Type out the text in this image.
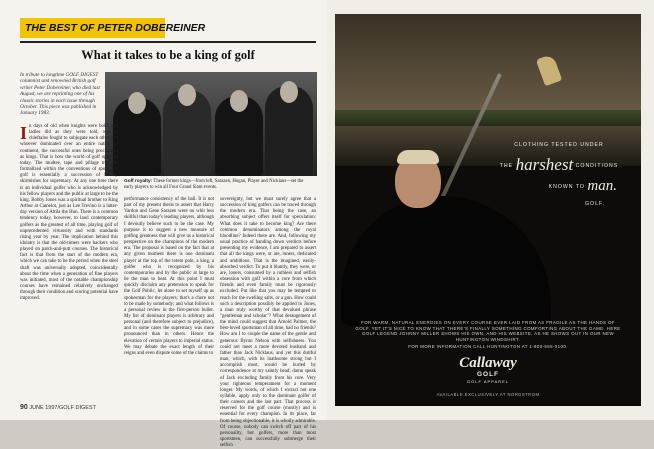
THE BEST OF PETER DOBEREINER
What it takes to be a king of golf
In tribute to longtime GOLF DIGEST columnist and renowned British golf writer Peter Dobereiner, who died last August, we are reprinting one of his classic stories in each issue through October. This piece was published in January 1983.
Golf royalty: These former kings—from left, Sarazen, Hogan, Player and Nicklaus—set the early players to win all Four Grand Slam events.
In days of old when knights were bold, and ladies did as they were told, warring chieftains fought to subjugate each other and whoever dominated over an entire nation or continent, the successful ones being proclaimed as kings. That is how the world of golf operates today. The mudtee, tape and pillage may be formalized within the conventions of sport, but golf is essentially a succession of bloody skirmishes for supremacy. At any one time there is an individual golfer who is acknowledged by his fellow players and the public at large to be the king. Bobby Jones was a spiritual brother to King Arthur at Camelot, just as Lee Trevino is a latter-day version of Attila the Hun. There is a common tendency today, however, to laud contemporary golfers as the greatest of all time, playing golf of unprecedented virtuosity and with standards rising year by year. The implication behind this idolatry is that the old-timers were hackers who played on patch-and-putt courses. The historical fact is that from the start of the modern era, which we can take to be the period when the steel shaft was universally adopted, coincidentally about the time when a generation of fine players was initiated, most of the notable championship courses have remained relatively unchanged through their condition and scoring potential have improved.
performance consistency of the ball. It is not part of my present thesis to assert that Harry Vardon and Gene Sarazen were no whit less skillful than today's leading players, although I devoutly believe such to be the case. My purpose is to suggest a new measure of golfing greatness that will give us a historical perspective on the champions of the modern era. The proposal is based on the fact that at any given moment there is one dominant player at the top of the totem pole, a king, a golfer who is recognized by his contemporaries and by the public at large to be the man to beat. At this point I must quickly disclaim any pretension to speak for the Golf Public, let alone to set myself up as spokesman for the players; that's a chore not to be made by somebody; and what follows is a personal review in the first-person bullet. My list of dominant players is arbitrary and personal (and therefore subject to prejudice), and in some cases the supremacy was more pronounced than in others. Hence the elevation of certain players to imperial status. We may debate the exact length of their reigns and even dispute some of the claims to
sovereignty, but we must surely agree that a succession of king golfers can be traced through the modern era. That being the case, an absorbing subject offers itself for speculation: What does it take to become king? Are there common denominators among the royal bloodline? Indeed there are. And, following my usual practice of handing down verdicts before presenting my evidence, I am prepared to assert that all the kings were, or are, loners, dedicated and ambitious. That is the imagined, easily-absorbed verdict. To put it bluntly, they were, or are, loners, consumed by a ruthless and selfish obsession with golf within a core from which friends and even family must be rigorously excluded. Put like that you may be tempted to reach for the swelling salts, or a gun. How could such a description possibly be applied to Jones, a man truly worthy of that devalued phrase "gentleman and scholar"? What derangement of the mind could suggest that Arnold Palmer, the best-loved sportsman of all time, had no friends? How am I to couple the name of the gentle and generous Byron Nelson with selfishness. You could not meet a more devoted husband and father than Jack Nicklaus, and yet this dutiful man, which, with its loathsome strong but I accomplish most, would be hurled by correspondence at my saintly head; damn speak of Jack excluding family from his core. Very your righteous temperament for a moment longer. My words, of which I extract not one syllable, apply only to the dominant golfer of their careers and the last part. That process is reserved for the golf course (mostly) and is essential for every champion. In its place, far from being objectionable, it is wholly admirable. Of course, nobody can switch off part of his personality, but golfers, more than most sportsmen, can successfully submerge their selfish
90 JUNE 1997/GOLF DIGEST
CLOTHING TESTED UNDER
THE harshest CONDITIONS
KNOWN TO man.
GOLF.
FOR WARM, NATURAL ENERGIES ON EVERY COURSE EVER LAID FROM AS FRAGILE AS THE HANDS OF GOLF. YET IT'S NICE TO KNOW THAT THERE'S FINALLY SOMETHING COMFORTING ABOUT THE GAME. HERE GOLF LEGEND JOHNNY MILLER SHOWS HIS OWN, AND HIS WEBSITE, AS HE SHOWS OUT IN OUR NEW HUNTINGTON WINDSHIRT.
FOR MORE INFORMATION CALL HUNTINGTON AT 1-800-555-0100.
Callaway
GOLF
GOLF APPAREL
AVAILABLE EXCLUSIVELY AT NORDSTROM
